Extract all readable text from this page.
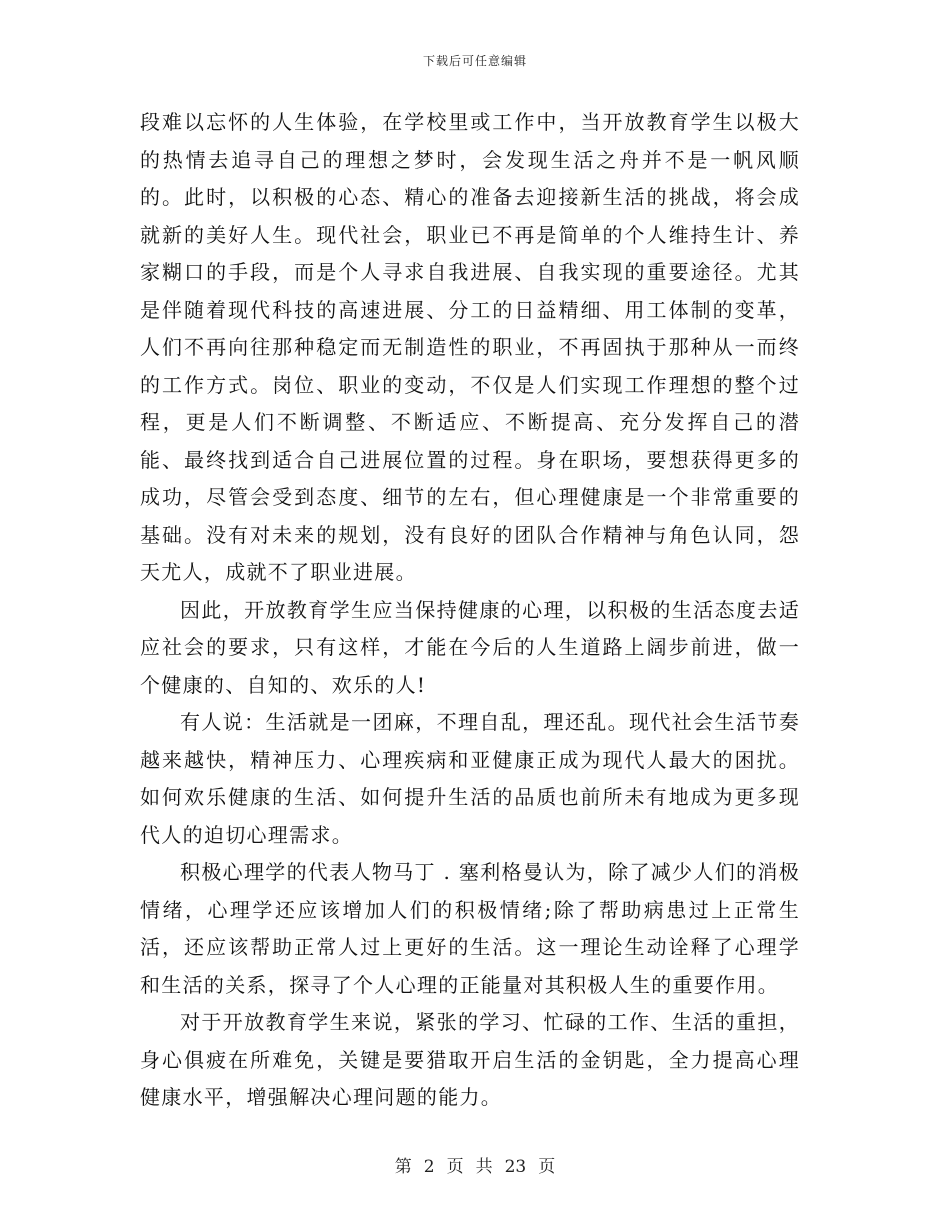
下载后可任意编辑

段难以忘怀的人生体验，在学校里或工作中，当开放教育学生以极大的热情去追寻自己的理想之梦时，会发现生活之舟并不是一帆风顺的。此时，以积极的心态、精心的准备去迎接新生活的挑战，将会成就新的美好人生。现代社会，职业已不再是简单的个人维持生计、养家糊口的手段，而是个人寻求自我进展、自我实现的重要途径。尤其是伴随着现代科技的高速进展、分工的日益精细、用工体制的变革，人们不再向往那种稳定而无制造性的职业，不再固执于那种从一而终的工作方式。岗位、职业的变动，不仅是人们实现工作理想的整个过程，更是人们不断调整、不断适应、不断提高、充分发挥自己的潜能、最终找到适合自己进展位置的过程。身在职场，要想获得更多的成功，尽管会受到态度、细节的左右，但心理健康是一个非常重要的基础。没有对未来的规划，没有良好的团队合作精神与角色认同，怨天尤人，成就不了职业进展。

因此，开放教育学生应当保持健康的心理，以积极的生活态度去适应社会的要求，只有这样，才能在今后的人生道路上阔步前进，做一个健康的、自知的、欢乐的人!

有人说：生活就是一团麻，不理自乱，理还乱。现代社会生活节奏越来越快，精神压力、心理疾病和亚健康正成为现代人最大的困扰。如何欢乐健康的生活、如何提升生活的品质也前所未有地成为更多现代人的迫切心理需求。

积极心理学的代表人物马丁 . 塞利格曼认为，除了减少人们的消极情绪，心理学还应该增加人们的积极情绪;除了帮助病患过上正常生活，还应该帮助正常人过上更好的生活。这一理论生动诠释了心理学和生活的关系，探寻了个人心理的正能量对其积极人生的重要作用。

对于开放教育学生来说，紧张的学习、忙碌的工作、生活的重担，身心俱疲在所难免，关键是要猎取开启生活的金钥匙，全力提高心理健康水平，增强解决心理问题的能力。

第 2 页 共 23 页
